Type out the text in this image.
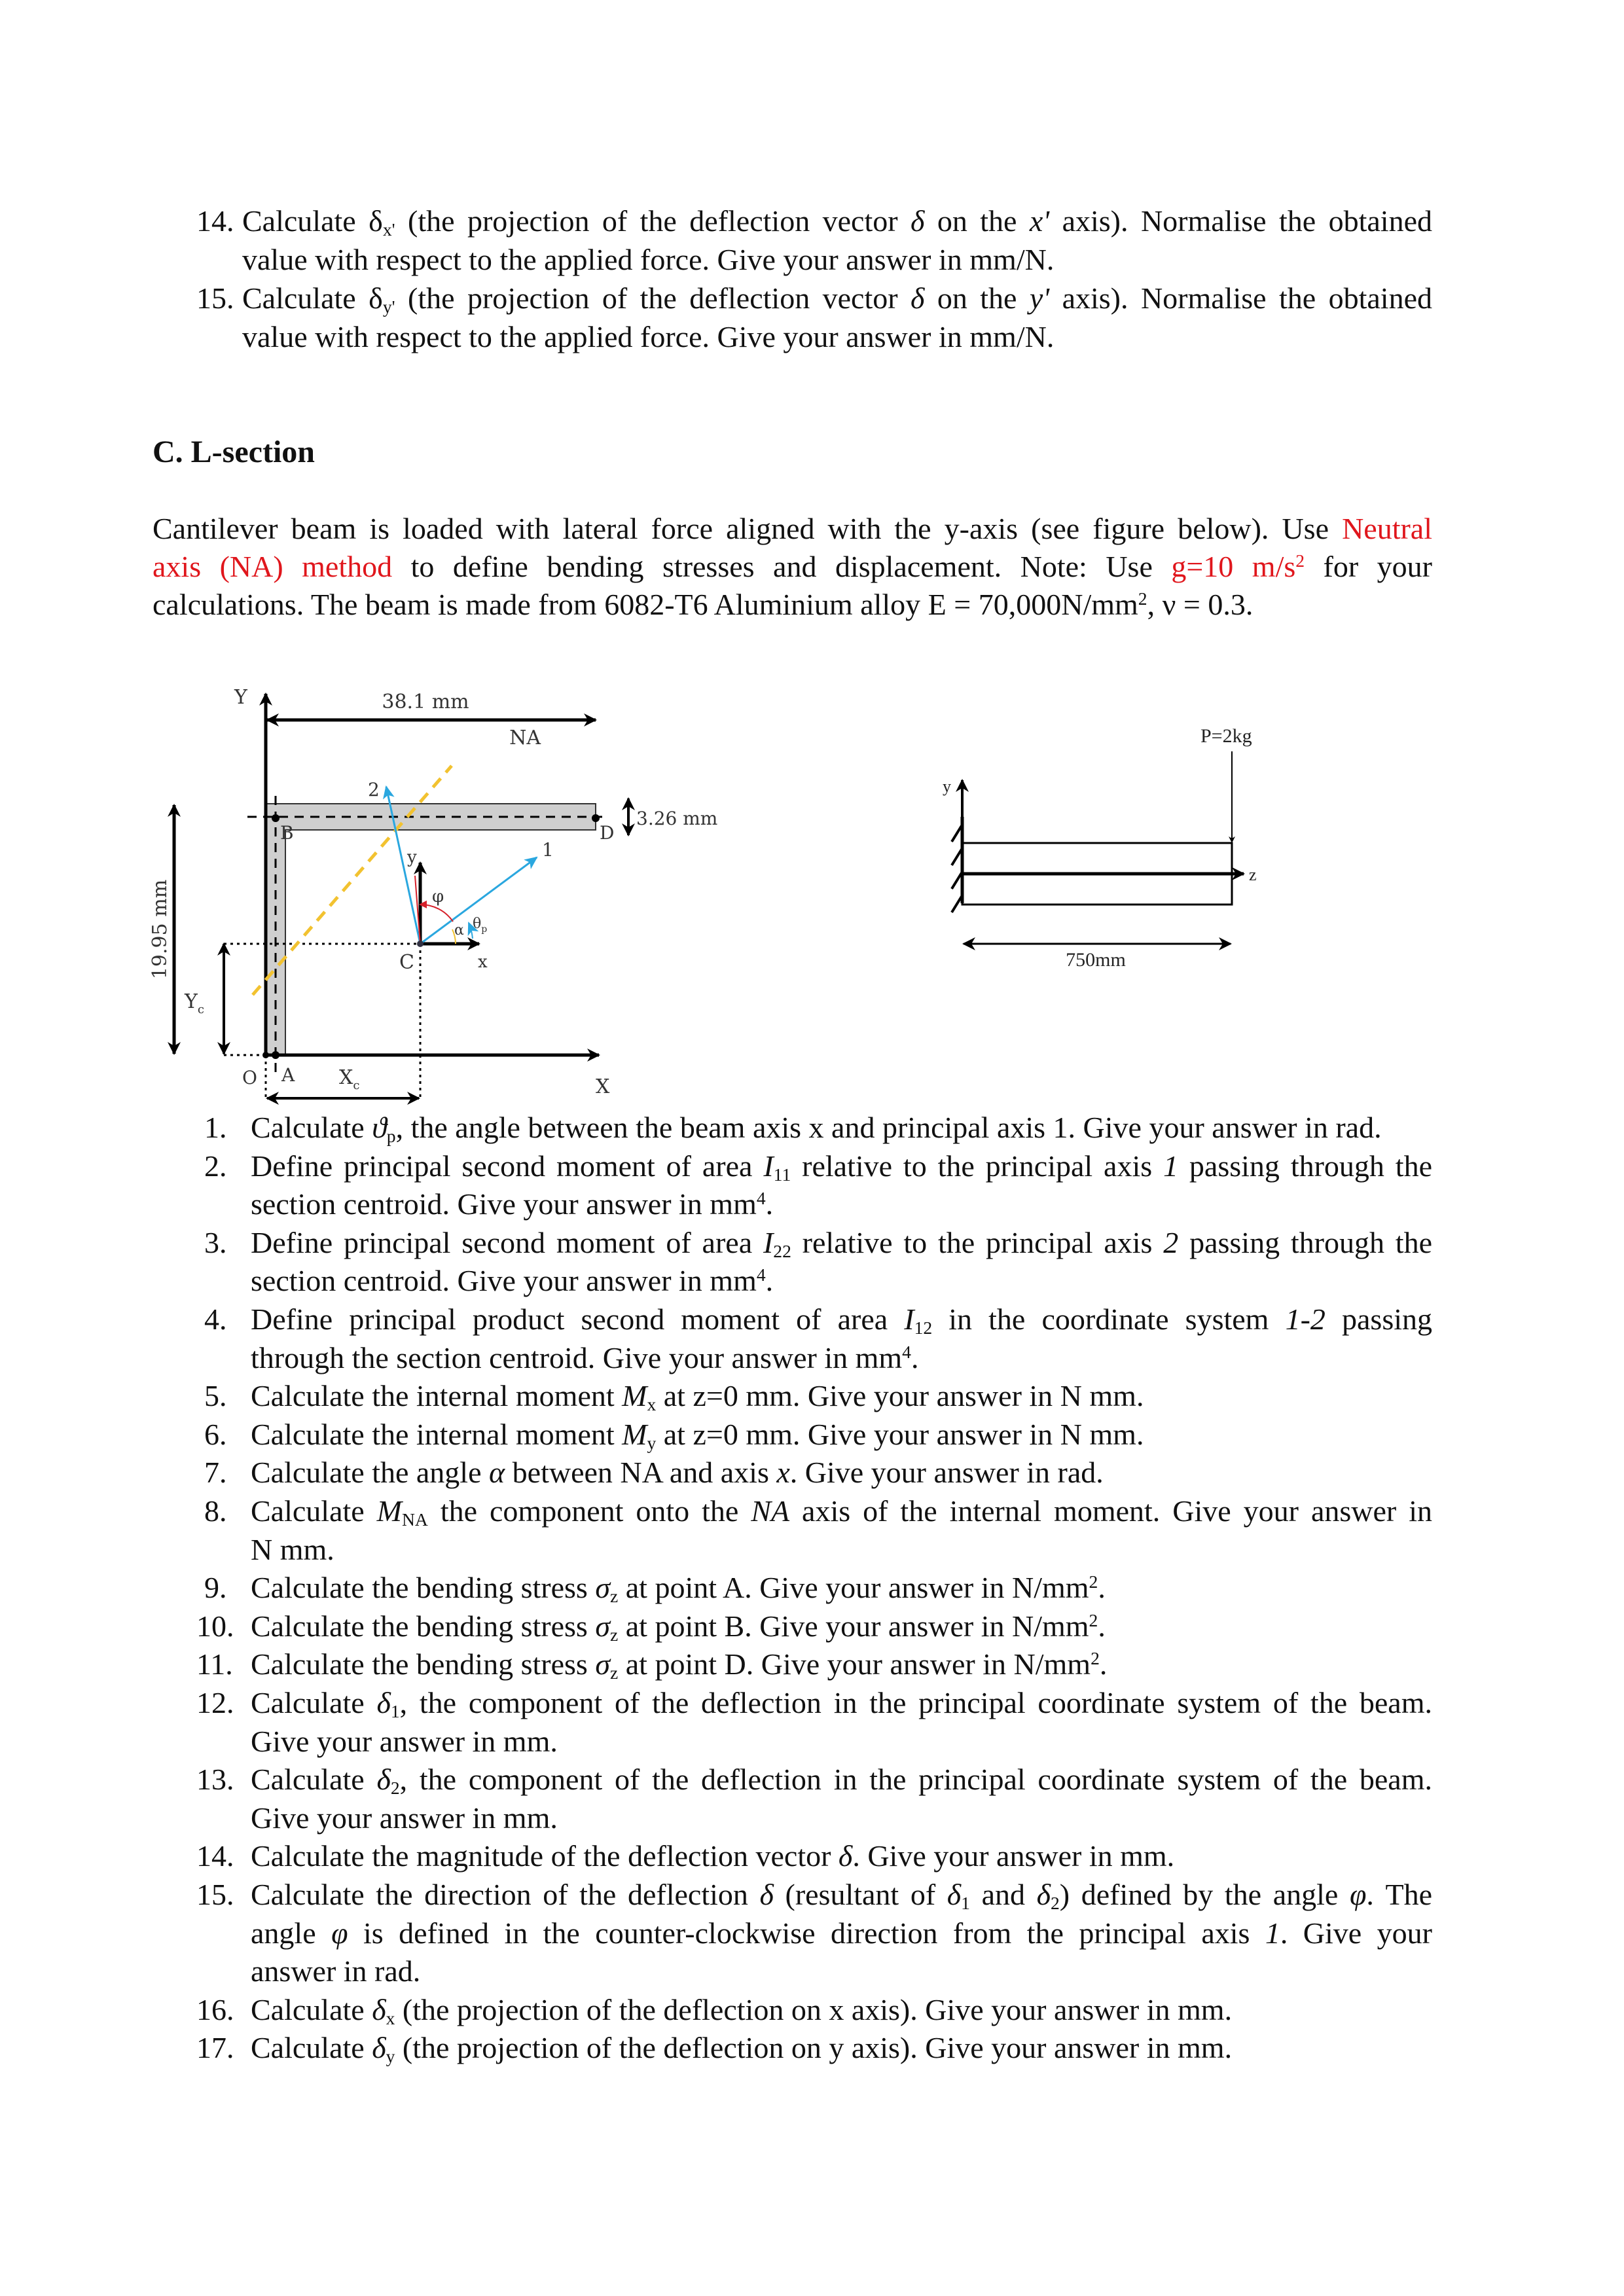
14. Calculate $\delta_{x'}$ (the projection of the deflection vector δ on the x' axis). Normalise the obtained
value with respect to the applied force. Give your answer in mm/N.
15. Calculate $\delta_{y'}$ (the projection of the deflection vector δ on the y' axis). Normalise the obtained
value with respect to the applied force. Give your answer in mm/N.
C. L-section
Cantilever beam is loaded with lateral force aligned with the y-axis (see figure below). Use Neutral
axis (NA) method to define bending stresses and displacement. Note: Use g=10 $m/s^2$ for your
calculations. The beam is made from 6082-T6 Aluminium alloy $E = 70,000N/mm^2$, ν = 0.3.
Y
X
38.1 mm
19.95 mm
$Y_c$
$X_c$
B	D
A
O
3.26 mm
NA
y
x
1
2
φ
α $\theta_p$
C
y
z
P=2kg
750mm
1. Calculate $ϑ_p$, the angle between the beam axis x and principal axis 1. Give your answer in rad.
2. Define principal second moment of area $I_{11}$ relative to the principal axis 1 passing through the
section centroid. Give your answer in $mm^4$.
3. Define principal second moment of area $I_{22}$ relative to the principal axis 2 passing through the
section centroid. Give your answer in $mm^4$.
4. Define principal product second moment of area $I_{12}$ in the coordinate system 1-2 passing
through the section centroid. Give your answer in $mm^4$.
5. Calculate the internal moment $M_x$ at z=0 mm. Give your answer in N mm.
6. Calculate the internal moment $M_y$ at z=0 mm. Give your answer in N mm.
7. Calculate the angle α between NA and axis x. Give your answer in rad.
8. Calculate $M_{NA}$ the component onto the NA axis of the internal moment. Give your answer in
N mm.
9. Calculate the bending stress $\sigma_z$ at point A. Give your answer in $N/mm^2$.
10. Calculate the bending stress $\sigma_z$ at point B. Give your answer in $N/mm^2$.
11. Calculate the bending stress $\sigma_z$ at point D. Give your answer in $N/mm^2$.
12. Calculate $\delta_1$, the component of the deflection in the principal coordinate system of the beam.
Give your answer in mm.
13. Calculate $\delta_2$, the component of the deflection in the principal coordinate system of the beam.
Give your answer in mm.
14. Calculate the magnitude of the deflection vector δ. Give your answer in mm.
15. Calculate the direction of the deflection δ (resultant of $\delta_1$ and $\delta_2$) defined by the angle φ. The
angle φ is defined in the counter-clockwise direction from the principal axis 1. Give your
answer in rad.
16. Calculate $\delta_x$ (the projection of the deflection on x axis). Give your answer in mm.
17. Calculate $\delta_y$ (the projection of the deflection on y axis). Give your answer in mm.
